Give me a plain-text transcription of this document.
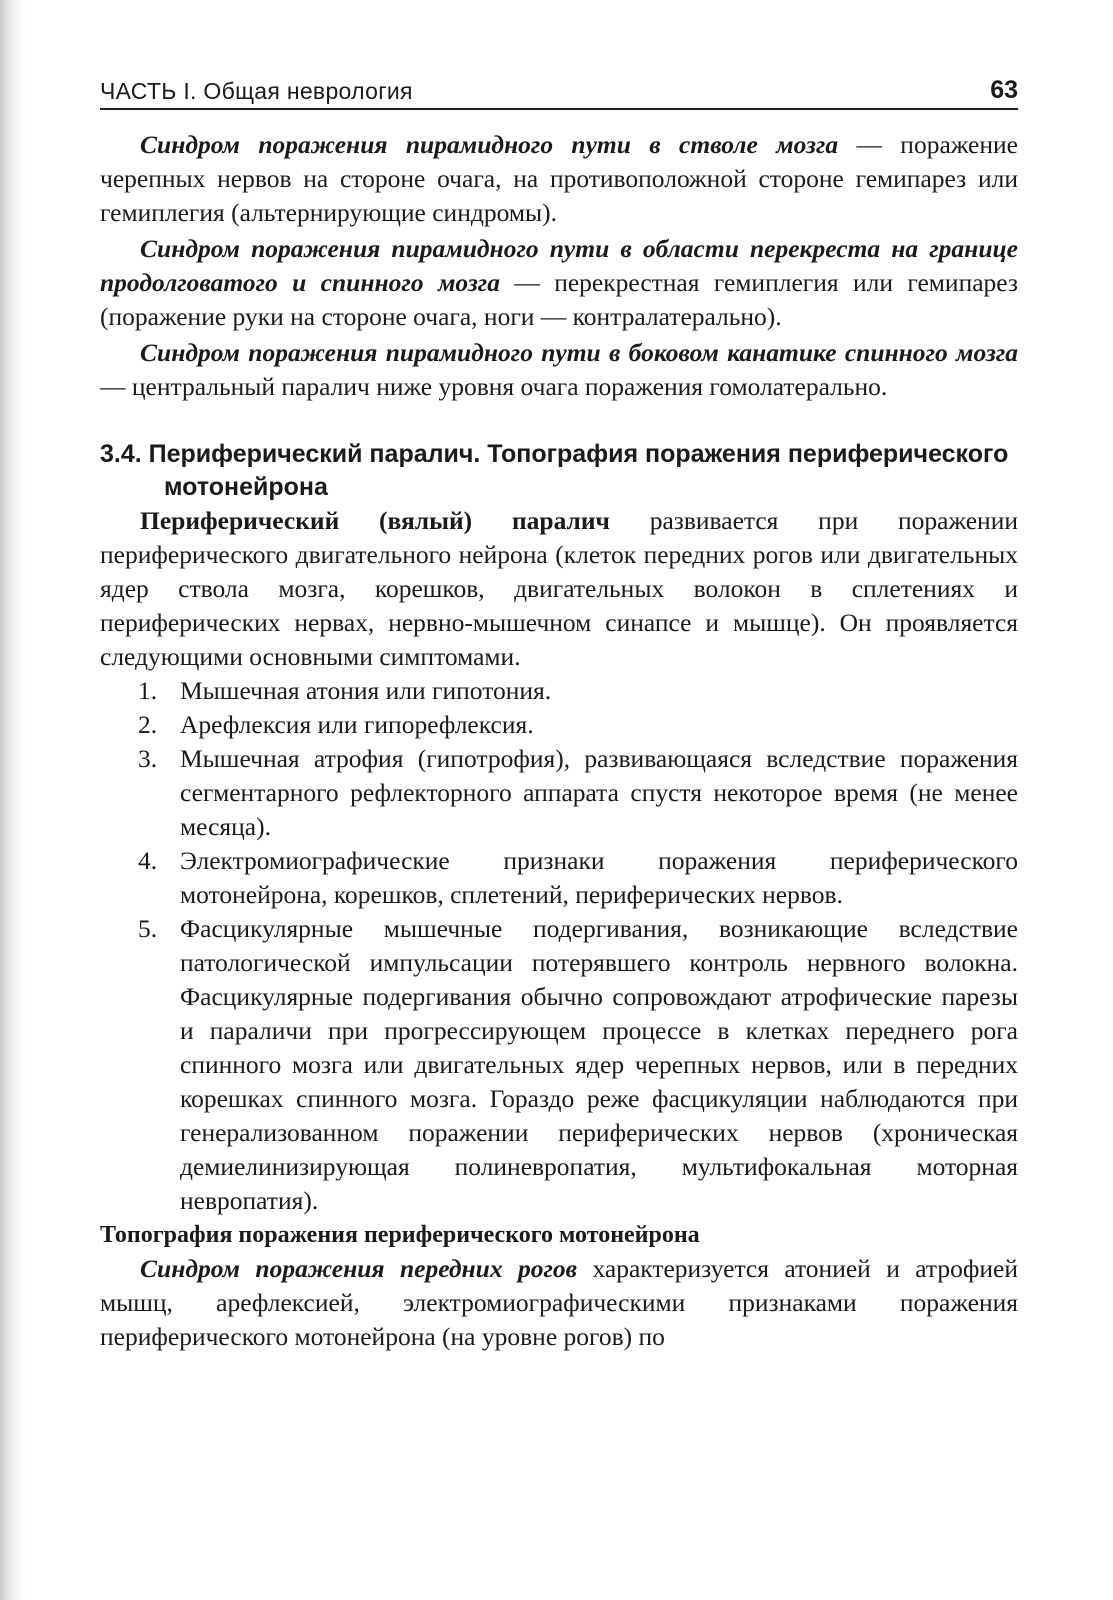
ЧАСТЬ I. Общая неврология	63

Синдром поражения пирамидного пути в стволе мозга — поражение черепных нервов на стороне очага, на противоположной стороне гемипарез или гемиплегия (альтернирующие синдромы).

Синдром поражения пирамидного пути в области перекреста на границе продолговатого и спинного мозга — перекрестная гемиплегия или гемипарез (поражение руки на стороне очага, ноги — контралатерально).

Синдром поражения пирамидного пути в боковом канатике спинного мозга — центральный паралич ниже уровня очага поражения гомолатерально.

3.4. Периферический паралич. Топография поражения периферического мотонейрона

Периферический (вялый) паралич развивается при поражении периферического двигательного нейрона (клеток передних рогов или двигательных ядер ствола мозга, корешков, двигательных волокон в сплетениях и периферических нервах, нервно-мышечном синапсе и мышце). Он проявляется следующими основными симптомами.

1. Мышечная атония или гипотония.
2. Арефлексия или гипорефлексия.
3. Мышечная атрофия (гипотрофия), развивающаяся вследствие поражения сегментарного рефлекторного аппарата спустя некоторое время (не менее месяца).
4. Электромиографические признаки поражения периферического мотонейрона, корешков, сплетений, периферических нервов.
5. Фасцикулярные мышечные подергивания, возникающие вследствие патологической импульсации потерявшего контроль нервного волокна. Фасцикулярные подергивания обычно сопровождают атрофические парезы и параличи при прогрессирующем процессе в клетках переднего рога спинного мозга или двигательных ядер черепных нервов, или в передних корешках спинного мозга. Гораздо реже фасцикуляции наблюдаются при генерализованном поражении периферических нервов (хроническая демиелинизирующая полиневропатия, мультифокальная моторная невропатия).
Топография поражения периферического мотонейрона

Синдром поражения передних рогов характеризуется атонией и атрофией мышц, арефлексией, электромиографическими признаками поражения периферического мотонейрона (на уровне рогов) по
